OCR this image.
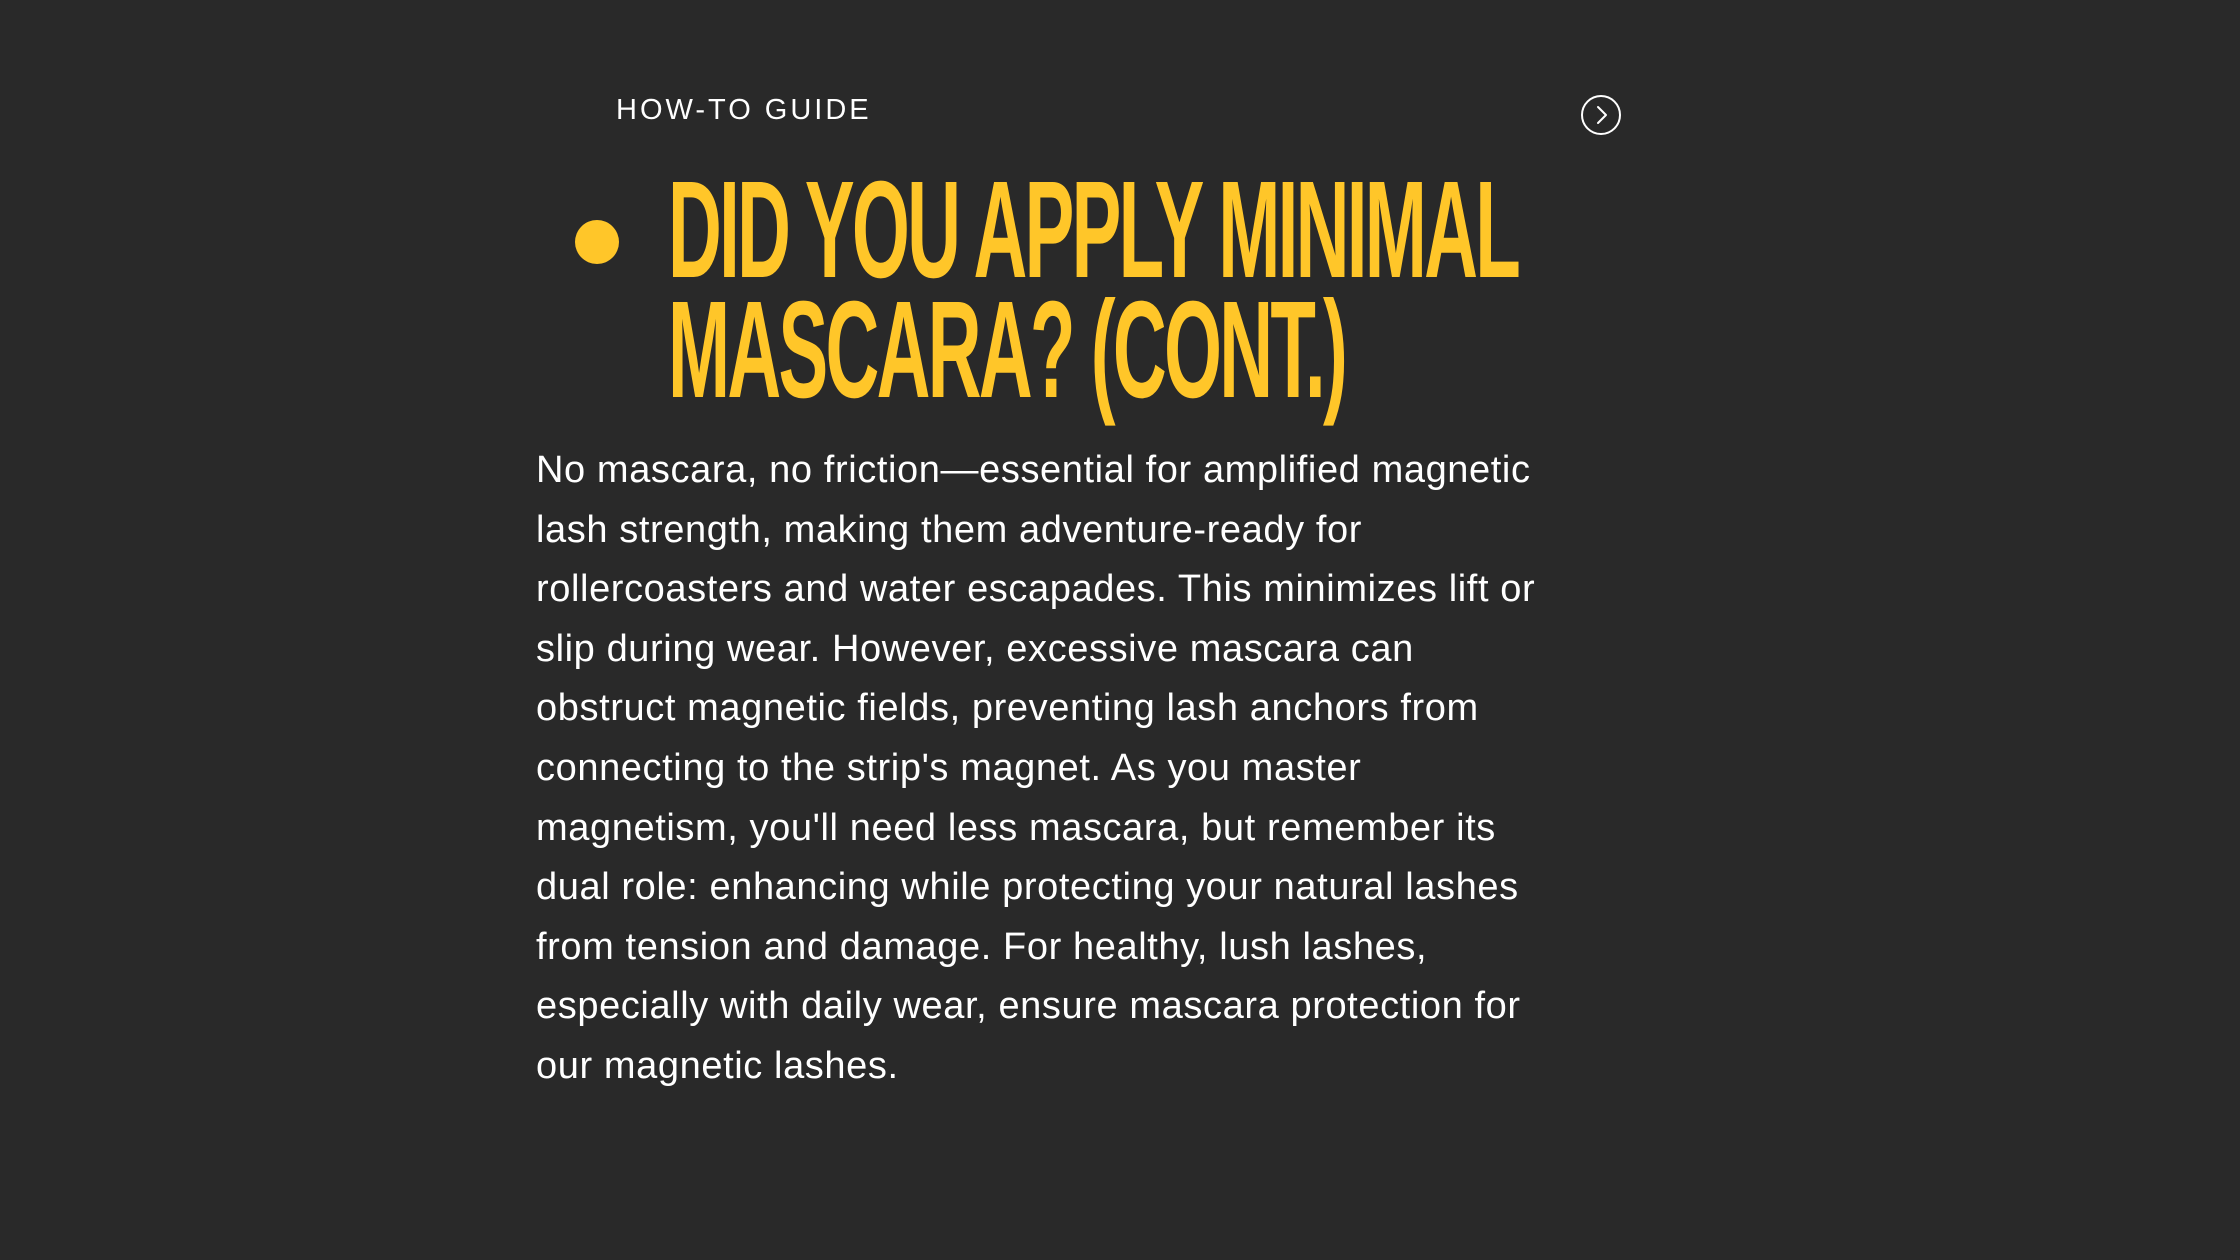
HOW-TO GUIDE
DID YOU APPLY MINIMAL
MASCARA? (CONT.)

No mascara, no friction—essential for amplified magnetic
lash strength, making them adventure-ready for
rollercoasters and water escapades. This minimizes lift or
slip during wear. However, excessive mascara can
obstruct magnetic fields, preventing lash anchors from
connecting to the strip's magnet. As you master
magnetism, you'll need less mascara, but remember its
dual role: enhancing while protecting your natural lashes
from tension and damage. For healthy, lush lashes,
especially with daily wear, ensure mascara protection for
our magnetic lashes.
